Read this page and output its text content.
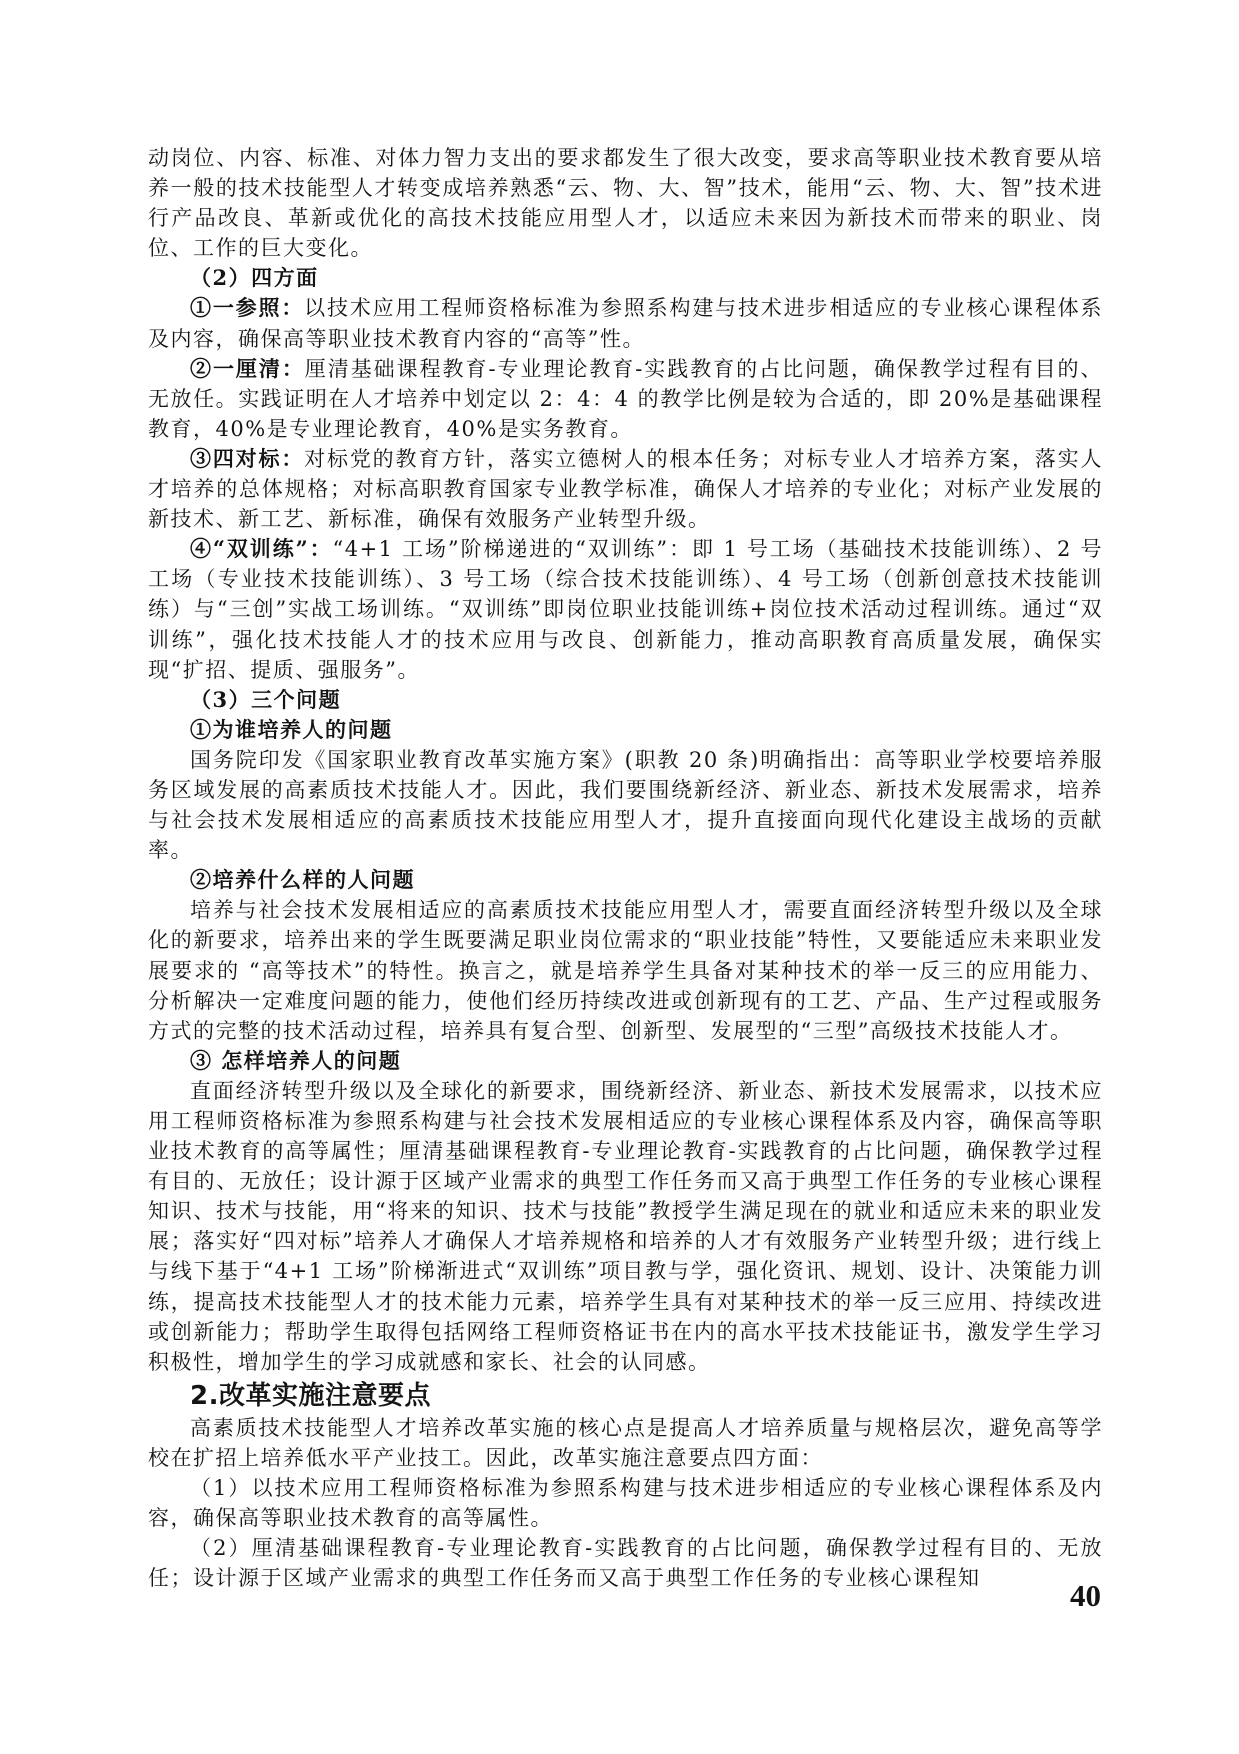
动岗位、内容、标准、对体力智力支出的要求都发生了很大改变，要求高等职业技术教育要从培养一般的技术技能型人才转变成培养熟悉“云、物、大、智”技术，能用“云、物、大、智”技术进行产品改良、革新或优化的高技术技能应用型人才，以适应未来因为新技术而带来的职业、岗位、工作的巨大变化。

（2）四方面

①一参照：以技术应用工程师资格标准为参照系构建与技术进步相适应的专业核心课程体系及内容，确保高等职业技术教育内容的“高等”性。

②一厘清：厘清基础课程教育-专业理论教育-实践教育的占比问题，确保教学过程有目的、无放任。实践证明在人才培养中划定以 2：4：4 的教学比例是较为合适的，即 20%是基础课程教育，40%是专业理论教育，40%是实务教育。

③四对标：对标党的教育方针，落实立德树人的根本任务；对标专业人才培养方案，落实人才培养的总体规格；对标高职教育国家专业教学标准，确保人才培养的专业化；对标产业发展的新技术、新工艺、新标准，确保有效服务产业转型升级。

④“双训练”：“4+1 工场”阶梯递进的“双训练”：即 1 号工场（基础技术技能训练）、2 号工场（专业技术技能训练）、3 号工场（综合技术技能训练）、4 号工场（创新创意技术技能训练）与“三创”实战工场训练。“双训练”即岗位职业技能训练+岗位技术活动过程训练。通过“双训练”，强化技术技能人才的技术应用与改良、创新能力，推动高职教育高质量发展，确保实现“扩招、提质、强服务”。

（3）三个问题

①为谁培养人的问题

国务院印发《国家职业教育改革实施方案》(职教 20 条)明确指出：高等职业学校要培养服务区域发展的高素质技术技能人才。因此，我们要围绕新经济、新业态、新技术发展需求，培养与社会技术发展相适应的高素质技术技能应用型人才，提升直接面向现代化建设主战场的贡献率。

②培养什么样的人问题

培养与社会技术发展相适应的高素质技术技能应用型人才，需要直面经济转型升级以及全球化的新要求，培养出来的学生既要满足职业岗位需求的“职业技能”特性，又要能适应未来职业发展要求的 “高等技术”的特性。换言之，就是培养学生具备对某种技术的举一反三的应用能力、分析解决一定难度问题的能力，使他们经历持续改进或创新现有的工艺、产品、生产过程或服务方式的完整的技术活动过程，培养具有复合型、创新型、发展型的“三型”高级技术技能人才。

③ 怎样培养人的问题

直面经济转型升级以及全球化的新要求，围绕新经济、新业态、新技术发展需求，以技术应用工程师资格标准为参照系构建与社会技术发展相适应的专业核心课程体系及内容，确保高等职业技术教育的高等属性；厘清基础课程教育-专业理论教育-实践教育的占比问题，确保教学过程有目的、无放任；设计源于区域产业需求的典型工作任务而又高于典型工作任务的专业核心课程知识、技术与技能，用“将来的知识、技术与技能”教授学生满足现在的就业和适应未来的职业发展；落实好“四对标”培养人才确保人才培养规格和培养的人才有效服务产业转型升级；进行线上与线下基于“4+1 工场”阶梯渐进式“双训练”项目教与学，强化资讯、规划、设计、决策能力训练，提高技术技能型人才的技术能力元素，培养学生具有对某种技术的举一反三应用、持续改进或创新能力；帮助学生取得包括网络工程师资格证书在内的高水平技术技能证书，激发学生学习积极性，增加学生的学习成就感和家长、社会的认同感。

2.改革实施注意要点

高素质技术技能型人才培养改革实施的核心点是提高人才培养质量与规格层次，避免高等学校在扩招上培养低水平产业技工。因此，改革实施注意要点四方面：

（1）以技术应用工程师资格标准为参照系构建与技术进步相适应的专业核心课程体系及内容，确保高等职业技术教育的高等属性。

（2）厘清基础课程教育-专业理论教育-实践教育的占比问题，确保教学过程有目的、无放任；设计源于区域产业需求的典型工作任务而又高于典型工作任务的专业核心课程知	40
